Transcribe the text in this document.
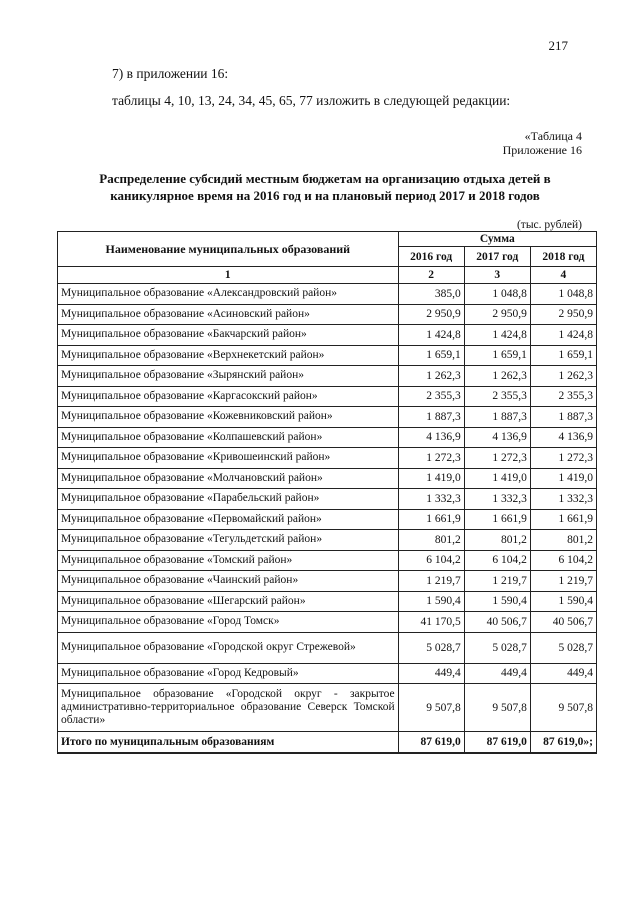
217
7) в приложении 16:
таблицы 4, 10, 13, 24, 34, 45, 65, 77 изложить в следующей редакции:
«Таблица 4
Приложение 16
Распределение субсидий местным бюджетам на организацию отдыха детей в
каникулярное время на 2016 год и на плановый период 2017 и 2018 годов
(тыс. рублей)
Наименование муниципальных образований	Сумма		
	2016 год	2017 год	2018 год
1	2	3	4
Муниципальное образование «Александровский район»	385,0	1 048,8	1 048,8
Муниципальное образование «Асиновский район»	2 950,9	2 950,9	2 950,9
Муниципальное образование «Бакчарский район»	1 424,8	1 424,8	1 424,8
Муниципальное образование «Верхнекетский район»	1 659,1	1 659,1	1 659,1
Муниципальное образование «Зырянский район»	1 262,3	1 262,3	1 262,3
Муниципальное образование «Каргасокский район»	2 355,3	2 355,3	2 355,3
Муниципальное образование «Кожевниковский район»	1 887,3	1 887,3	1 887,3
Муниципальное образование «Колпашевский район»	4 136,9	4 136,9	4 136,9
Муниципальное образование «Кривошеинский район»	1 272,3	1 272,3	1 272,3
Муниципальное образование «Молчановский район»	1 419,0	1 419,0	1 419,0
Муниципальное образование «Парабельский район»	1 332,3	1 332,3	1 332,3
Муниципальное образование «Первомайский район»	1 661,9	1 661,9	1 661,9
Муниципальное образование «Тегульдетский район»	801,2	801,2	801,2
Муниципальное образование «Томский район»	6 104,2	6 104,2	6 104,2
Муниципальное образование «Чаинский район»	1 219,7	1 219,7	1 219,7
Муниципальное образование «Шегарский район»	1 590,4	1 590,4	1 590,4
Муниципальное образование «Город Томск»	41 170,5	40 506,7	40 506,7
Муниципальное образование «Городской округ Стрежевой»	5 028,7	5 028,7	5 028,7
Муниципальное образование «Город Кедровый»	449,4	449,4	449,4
Муниципальное образование «Городской округ - закрытое административно-территориальное образование Северск Томской области»	9 507,8	9 507,8	9 507,8
Итого по муниципальным образованиям	87 619,0	87 619,0	87 619,0»;
